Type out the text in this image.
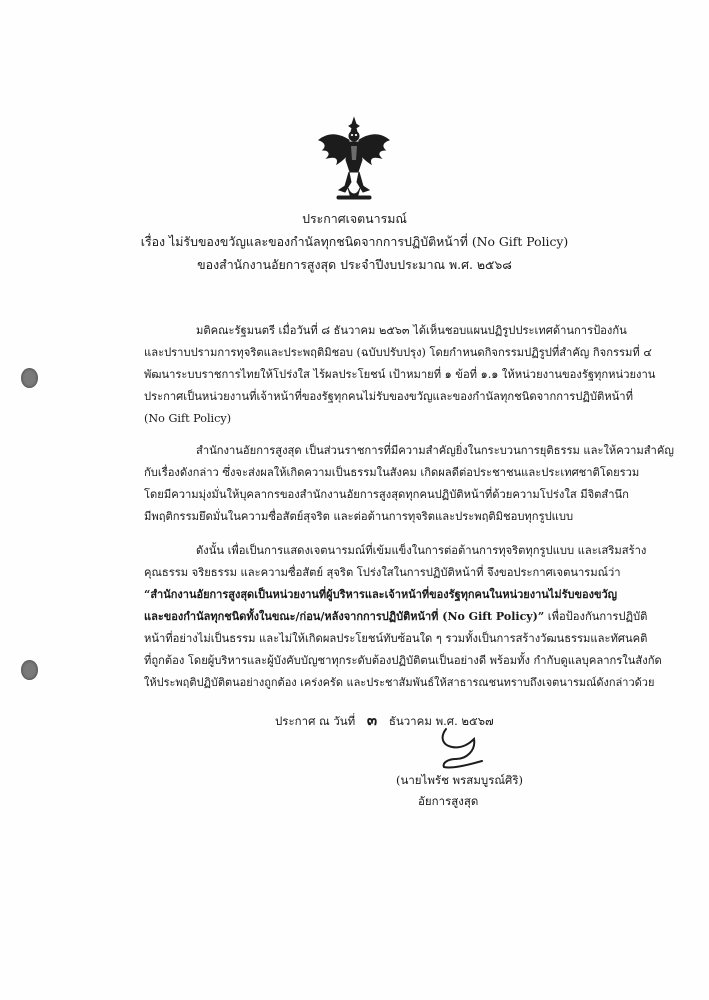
ประกาศเจตนารมณ์
เรื่อง ไม่รับของขวัญและของกำนัลทุกชนิดจากการปฏิบัติหน้าที่ (No Gift Policy)
ของสำนักงานอัยการสูงสุด ประจำปีงบประมาณ พ.ศ. ๒๕๖๘
มติคณะรัฐมนตรี เมื่อวันที่ ๘ ธันวาคม ๒๕๖๓ ได้เห็นชอบแผนปฏิรูปประเทศด้านการป้องกัน
และปราบปรามการทุจริตและประพฤติมิชอบ (ฉบับปรับปรุง) โดยกำหนดกิจกรรมปฏิรูปที่สำคัญ กิจกรรมที่ ๔
พัฒนาระบบราชการไทยให้โปร่งใส ไร้ผลประโยชน์ เป้าหมายที่ ๑ ข้อที่ ๑.๑ ให้หน่วยงานของรัฐทุกหน่วยงาน
ประกาศเป็นหน่วยงานที่เจ้าหน้าที่ของรัฐทุกคนไม่รับของขวัญและของกำนัลทุกชนิดจากการปฏิบัติหน้าที่
(No Gift Policy)
สำนักงานอัยการสูงสุด เป็นส่วนราชการที่มีความสำคัญยิ่งในกระบวนการยุติธรรม และให้ความสำคัญ
กับเรื่องดังกล่าว ซึ่งจะส่งผลให้เกิดความเป็นธรรมในสังคม เกิดผลดีต่อประชาชนและประเทศชาติโดยรวม
โดยมีความมุ่งมั่นให้บุคลากรของสำนักงานอัยการสูงสุดทุกคนปฏิบัติหน้าที่ด้วยความโปร่งใส มีจิตสำนึก
มีพฤติกรรมยึดมั่นในความซื่อสัตย์สุจริต และต่อต้านการทุจริตและประพฤติมิชอบทุกรูปแบบ
ดังนั้น เพื่อเป็นการแสดงเจตนารมณ์ที่เข้มแข็งในการต่อต้านการทุจริตทุกรูปแบบ และเสริมสร้าง
คุณธรรม จริยธรรม และความซื่อสัตย์ สุจริต โปร่งใสในการปฏิบัติหน้าที่ จึงขอประกาศเจตนารมณ์ว่า
“สำนักงานอัยการสูงสุดเป็นหน่วยงานที่ผู้บริหารและเจ้าหน้าที่ของรัฐทุกคนในหน่วยงานไม่รับของขวัญ
และของกำนัลทุกชนิดทั้งในขณะ/ก่อน/หลังจากการปฏิบัติหน้าที่ (No Gift Policy)” เพื่อป้องกันการปฏิบัติ
หน้าที่อย่างไม่เป็นธรรม และไม่ให้เกิดผลประโยชน์ทับซ้อนใด ๆ รวมทั้งเป็นการสร้างวัฒนธรรมและทัศนคติ
ที่ถูกต้อง โดยผู้บริหารและผู้บังคับบัญชาทุกระดับต้องปฏิบัติตนเป็นอย่างดี พร้อมทั้ง กำกับดูแลบุคลากรในสังกัด
ให้ประพฤติปฏิบัติตนอย่างถูกต้อง เคร่งครัด และประชาสัมพันธ์ให้สาธารณชนทราบถึงเจตนารมณ์ดังกล่าวด้วย
ประกาศ ณ วันที่ ๓ ธันวาคม พ.ศ. ๒๕๖๗
(นายไพรัช พรสมบูรณ์ศิริ)
อัยการสูงสุด
